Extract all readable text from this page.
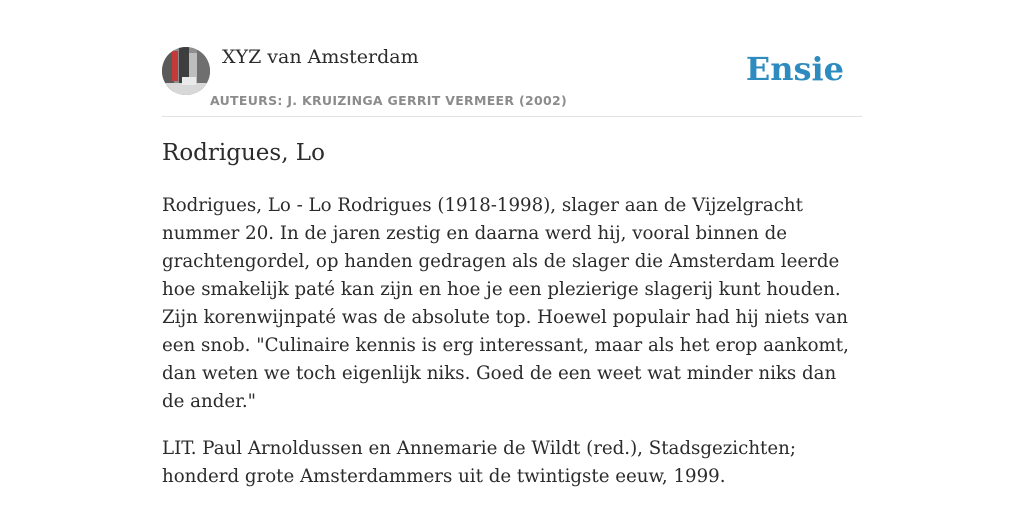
XYZ van Amsterdam
AUTEURS: J. KRUIZINGA GERRIT VERMEER (2002)
Ensie
Rodrigues, Lo

Rodrigues, Lo - Lo Rodrigues (1918-1998), slager aan de Vijzelgracht nummer 20. In de jaren zestig en daarna werd hij, vooral binnen de grachtengordel, op handen gedragen als de slager die Amsterdam leerde hoe smakelijk paté kan zijn en hoe je een plezierige slagerij kunt houden. Zijn korenwijnpaté was de absolute top. Hoewel populair had hij niets van een snob. "Culinaire kennis is erg interessant, maar als het erop aankomt, dan weten we toch eigenlijk niks. Goed de een weet wat minder niks dan de ander."

LIT. Paul Arnoldussen en Annemarie de Wildt (red.), Stadsgezichten; honderd grote Amsterdammers uit de twintigste eeuw, 1999.
